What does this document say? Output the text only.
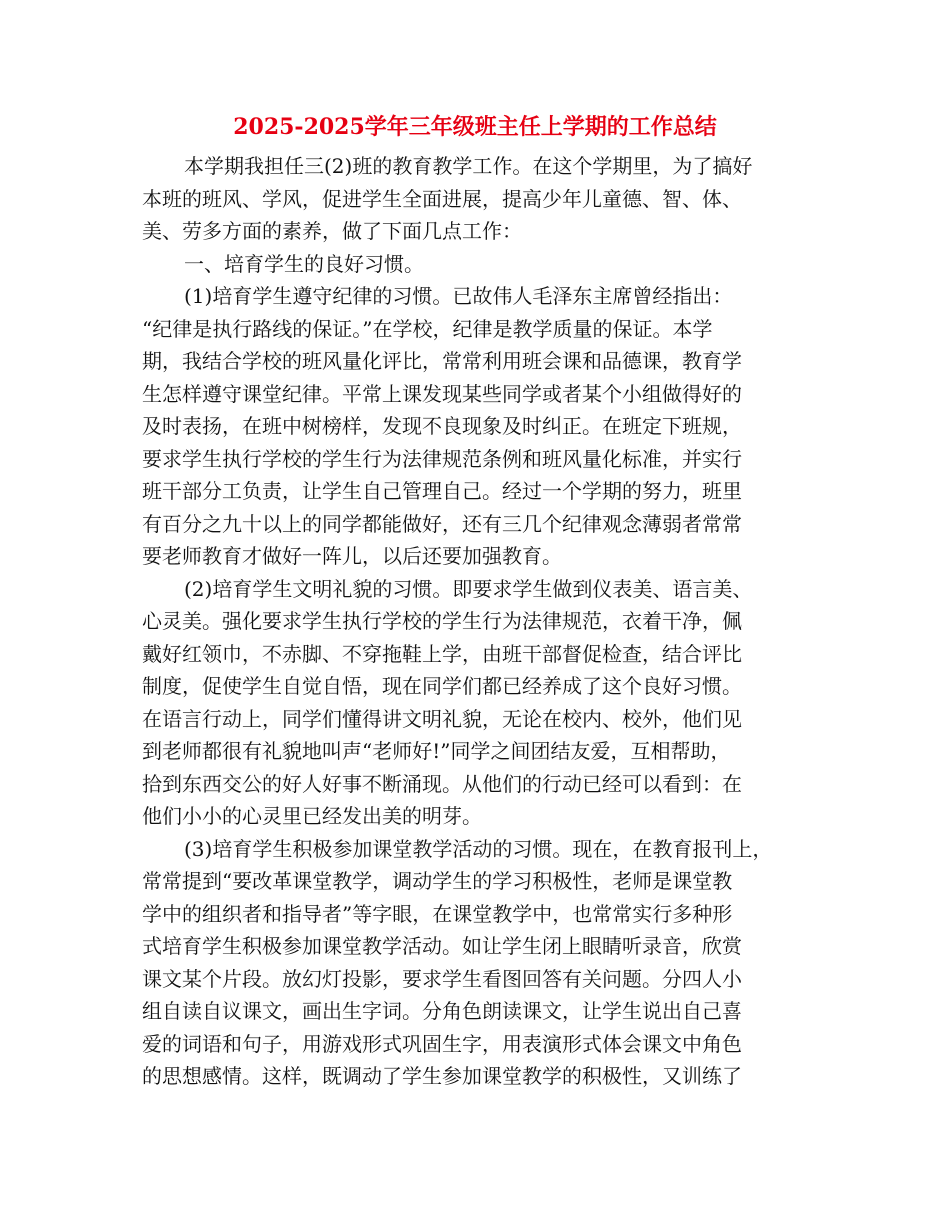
2025-2025学年三年级班主任上学期的工作总结
本学期我担任三(2)班的教育教学工作。在这个学期里，为了搞好
本班的班风、学风，促进学生全面进展，提高少年儿童德、智、体、
美、劳多方面的素养，做了下面几点工作：
一、培育学生的良好习惯。
(1)培育学生遵守纪律的习惯。已故伟人毛泽东主席曾经指出：
“纪律是执行路线的保证。”在学校，纪律是教学质量的保证。本学
期，我结合学校的班风量化评比，常常利用班会课和品德课，教育学
生怎样遵守课堂纪律。平常上课发现某些同学或者某个小组做得好的
及时表扬，在班中树榜样，发现不良现象及时纠正。在班定下班规，
要求学生执行学校的学生行为法律规范条例和班风量化标准，并实行
班干部分工负责，让学生自己管理自己。经过一个学期的努力，班里
有百分之九十以上的同学都能做好，还有三几个纪律观念薄弱者常常
要老师教育才做好一阵儿，以后还要加强教育。
(2)培育学生文明礼貌的习惯。即要求学生做到仪表美、语言美、
心灵美。强化要求学生执行学校的学生行为法律规范，衣着干净，佩
戴好红领巾，不赤脚、不穿拖鞋上学，由班干部督促检查，结合评比
制度，促使学生自觉自悟，现在同学们都已经养成了这个良好习惯。
在语言行动上，同学们懂得讲文明礼貌，无论在校内、校外，他们见
到老师都很有礼貌地叫声“老师好!”同学之间团结友爱，互相帮助，
拾到东西交公的好人好事不断涌现。从他们的行动已经可以看到：在
他们小小的心灵里已经发出美的明芽。
(3)培育学生积极参加课堂教学活动的习惯。现在，在教育报刊上，
常常提到“要改革课堂教学，调动学生的学习积极性，老师是课堂教
学中的组织者和指导者”等字眼，在课堂教学中，也常常实行多种形
式培育学生积极参加课堂教学活动。如让学生闭上眼睛听录音，欣赏
课文某个片段。放幻灯投影，要求学生看图回答有关问题。分四人小
组自读自议课文，画出生字词。分角色朗读课文，让学生说出自己喜
爱的词语和句子，用游戏形式巩固生字，用表演形式体会课文中角色
的思想感情。这样，既调动了学生参加课堂教学的积极性，又训练了
